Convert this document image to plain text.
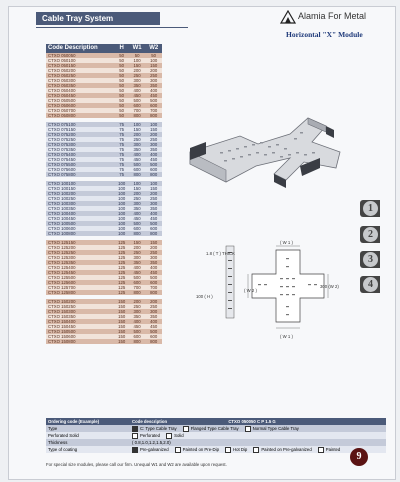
Cable Tray System	Alamia For Metal
Horizontal "X" Module
Code Description	H	W1	W2
CTXO 050050	50	50	50
CTXO 050100	50	100	100
CTXO 050150	50	150	150
CTXO 050200	50	200	200
CTXO 050250	50	250	250
CTXO 050300	50	300	300
CTXO 050350	50	350	350
CTXO 050400	50	400	400
CTXO 050450	50	450	450
CTXO 050500	50	500	500
CTXO 050600	50	600	600
CTXO 050700	50	700	700
CTXO 050800	50	800	800

CTXO 075100	75	100	100
CTXO 075150	75	150	150
CTXO 075200	75	200	200
CTXO 075250	75	250	250
CTXO 075300	75	300	300
CTXO 075350	75	350	350
CTXO 075400	75	400	400
CTXO 075450	75	450	450
CTXO 075500	75	500	500
CTXO 075600	75	600	600
CTXO 075800	75	800	800

CTXO 100100	100	100	100
CTXO 100150	100	150	150
CTXO 100200	100	200	200
CTXO 100250	100	250	250
CTXO 100300	100	300	300
CTXO 100350	100	350	350
CTXO 100400	100	400	400
CTXO 100450	100	450	450
CTXO 100500	100	500	500
CTXO 100600	100	600	600
CTXO 100800	100	800	800

CTXO 125150	125	150	150
CTXO 125200	125	200	200
CTXO 125250	125	250	250
CTXO 125300	125	300	300
CTXO 125350	125	350	350
CTXO 125400	125	400	400
CTXO 125450	125	450	450
CTXO 125500	125	500	500
CTXO 125600	125	600	600
CTXO 125700	125	700	700
CTXO 125800	125	800	800

CTXO 150200	150	200	200
CTXO 150250	150	250	250
CTXO 150300	150	300	300
CTXO 150350	150	350	350
CTXO 150400	150	400	400
CTXO 150450	150	450	450
CTXO 150500	150	500	500
CTXO 150600	150	600	600
CTXO 150800	150	800	800
1.8 ( T ) THICK
100 ( H )
( W 1 )
( W 1 )
( W 2 )
300 (W 2)
1
2
3
4
Ordering code (Example)	Code description CTXO 050050 C P 1.5 G
Type	C: Type Cable Tray Flanged Type Cable Tray Normal Type Cable Tray
Perforated Solid	Perforated Solid
Thickness	( 0.8,1.0,1.2,1.5,2.0)
Type of coating	Pre-galvanized Painted on Pre-Dip Hot Dip Painted on Pre-galvanized Painted
For special size modules, please call our firm. Unequal W1 and W2 are available upon request.
9
